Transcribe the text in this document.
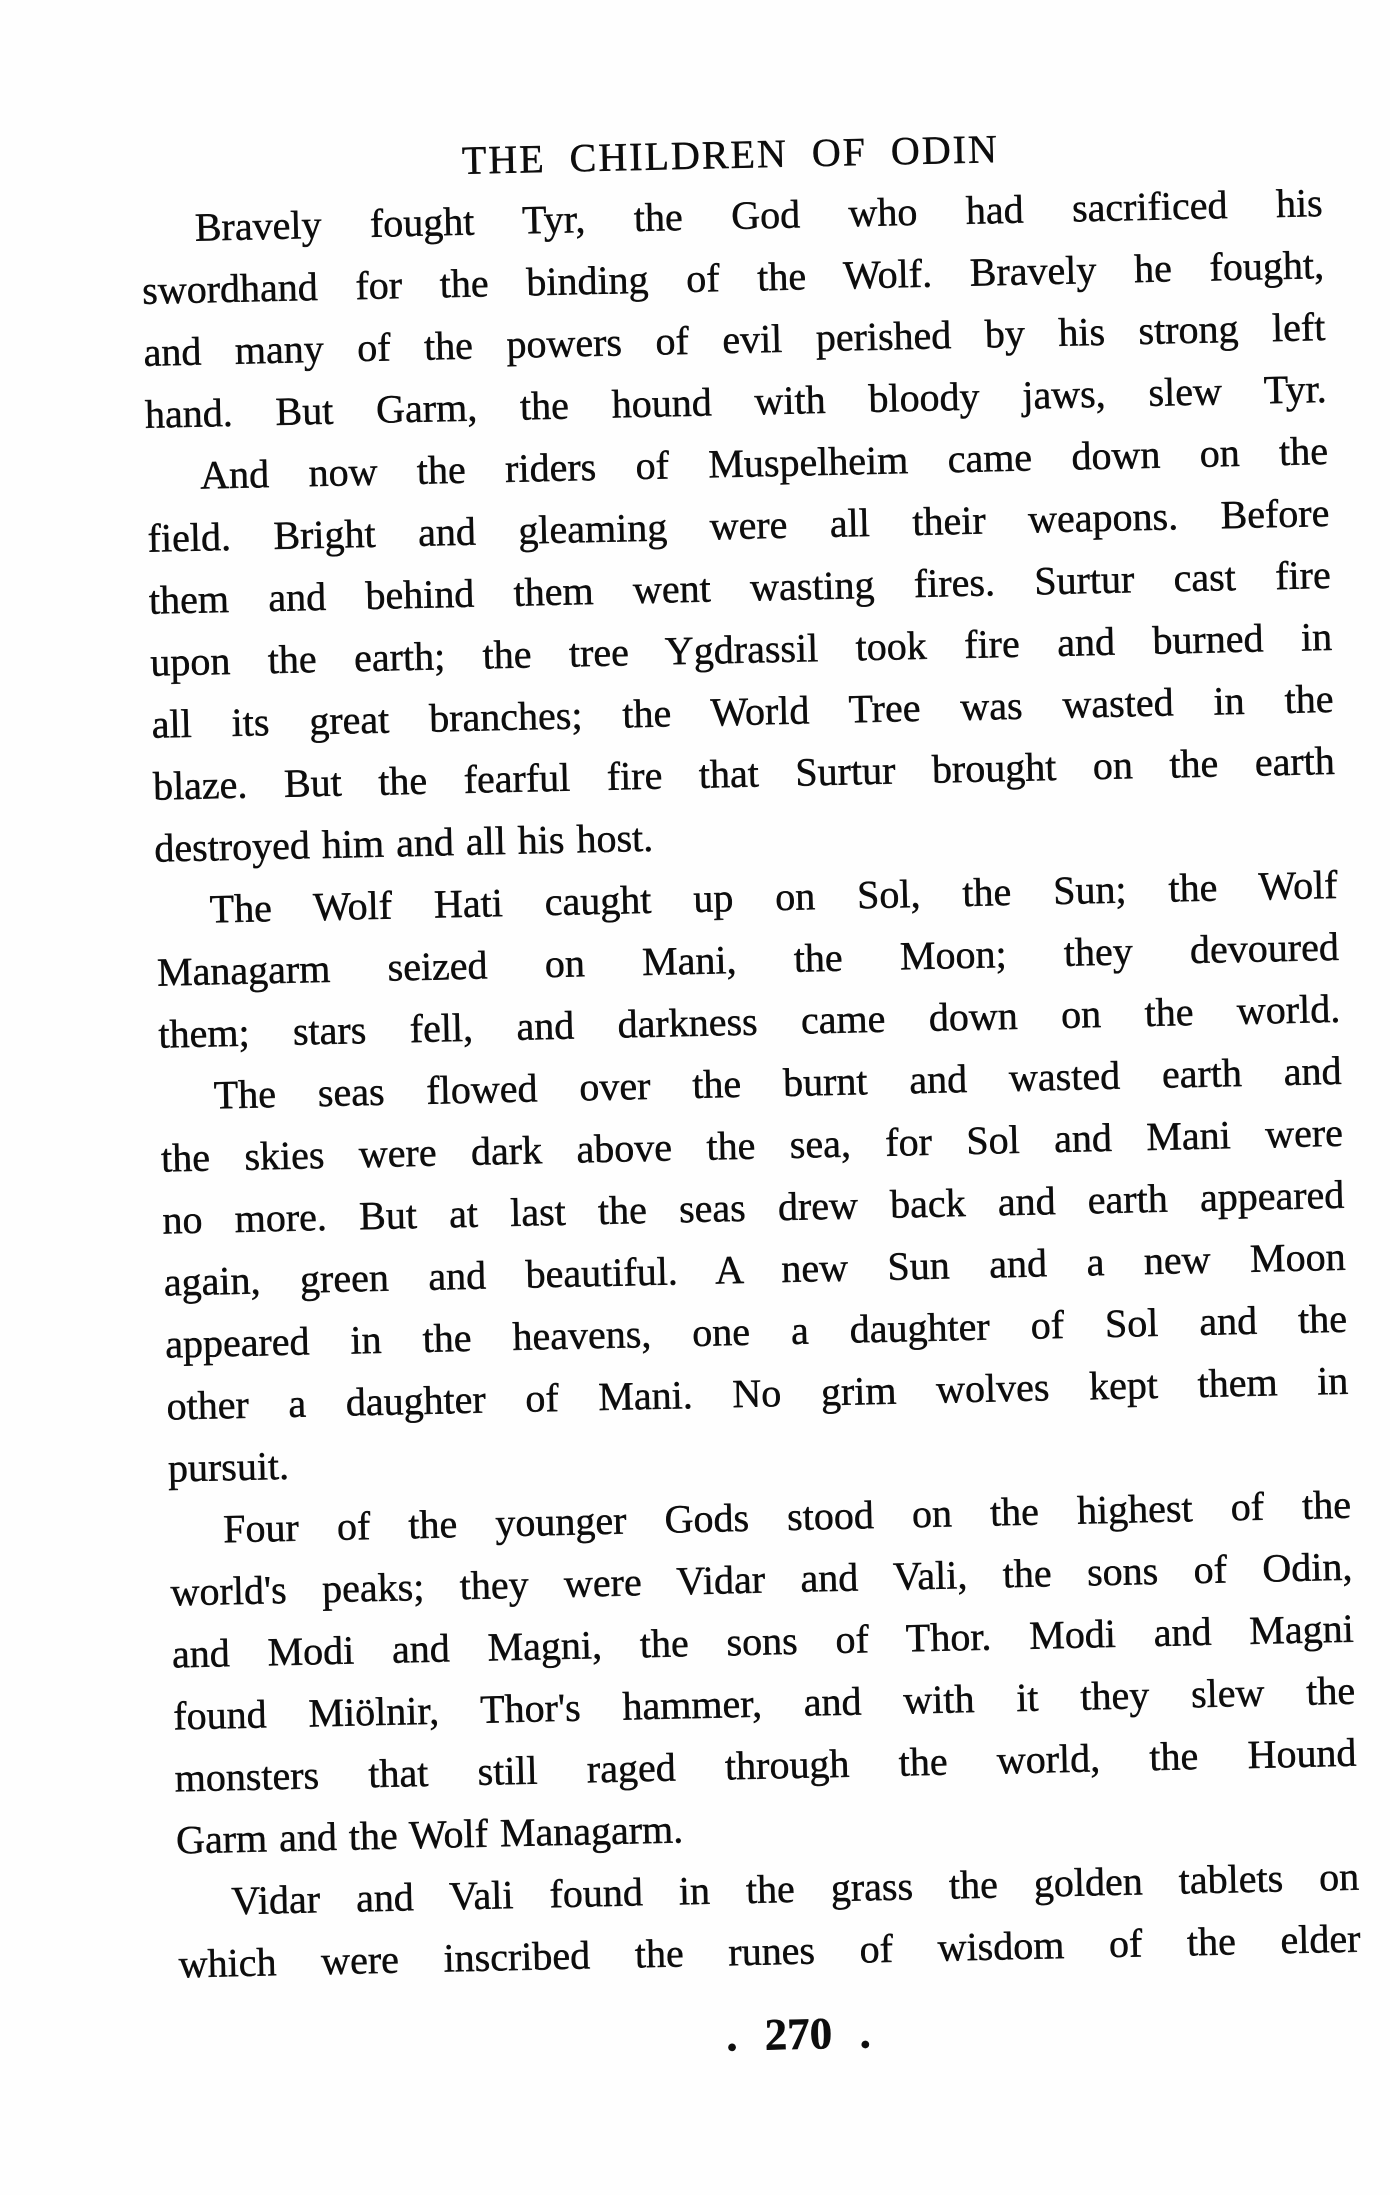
THE CHILDREN OF ODIN

Bravely fought Tyr, the God who had sacrificed his
swordhand for the binding of the Wolf. Bravely he fought,
and many of the powers of evil perished by his strong left
hand. But Garm, the hound with bloody jaws, slew Tyr.

And now the riders of Muspelheim came down on the
field. Bright and gleaming were all their weapons. Before
them and behind them went wasting fires. Surtur cast fire
upon the earth; the tree Ygdrassil took fire and burned in
all its great branches; the World Tree was wasted in the
blaze. But the fearful fire that Surtur brought on the earth
destroyed him and all his host.

The Wolf Hati caught up on Sol, the Sun; the Wolf
Managarm seized on Mani, the Moon; they devoured
them; stars fell, and darkness came down on the world.

The seas flowed over the burnt and wasted earth and
the skies were dark above the sea, for Sol and Mani were
no more. But at last the seas drew back and earth appeared
again, green and beautiful. A new Sun and a new Moon
appeared in the heavens, one a daughter of Sol and the
other a daughter of Mani. No grim wolves kept them in
pursuit.

Four of the younger Gods stood on the highest of the
world's peaks; they were Vidar and Vali, the sons of Odin,
and Modi and Magni, the sons of Thor. Modi and Magni
found Miölnir, Thor's hammer, and with it they slew the
monsters that still raged through the world, the Hound
Garm and the Wolf Managarm.

Vidar and Vali found in the grass the golden tablets on
which were inscribed the runes of wisdom of the elder

. 270 .
